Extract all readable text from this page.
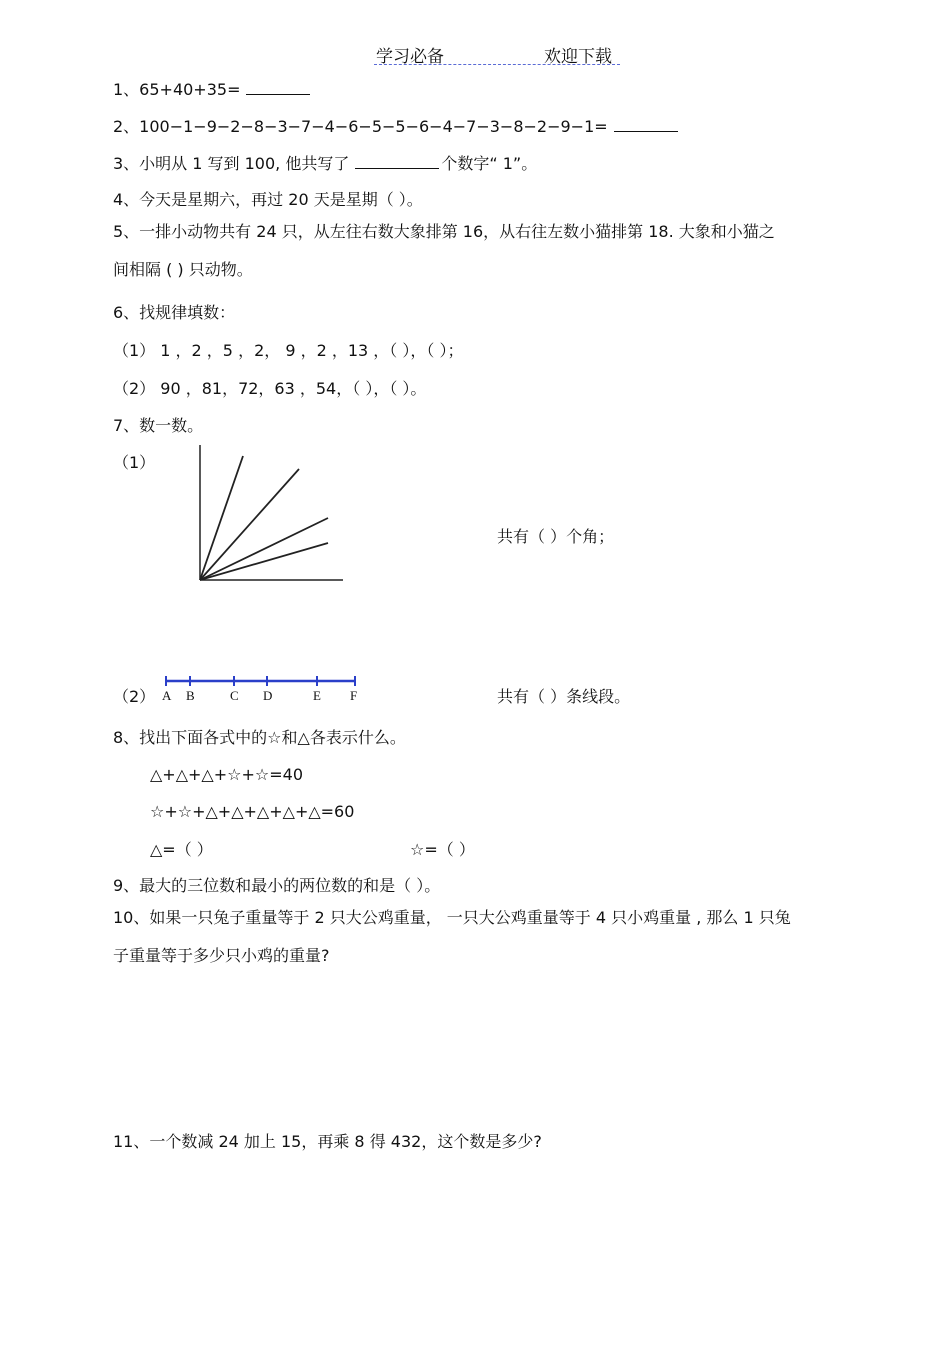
学习必备	欢迎下载
1、65+40+35=
2、100−1−9−2−8−3−7−4−6−5−5−6−4−7−3−8−2−9−1=
3、小明从 1 写到 100, 他共写了	个数字“ 1”。
4、今天是星期六，再过 20 天是星期（ ）。
5、一排小动物共有 24 只，从左往右数大象排第 16，从右往左数小猫排第 18. 大象和小猫之
间相隔 ( ) 只动物。
6、找规律填数：
（1） 1 ，2 ，5 ，2， 9 ，2 ，13 ，（ ），（ ）；
（2） 90 ，81，72，63 ，54，（ ），（ ）。
7、数一数。
（1）
共有（ ）个角；
（2） A B	C D	E F	共有（ ）条线段。
8、找出下面各式中的☆和△各表示什么。
△+△+△+☆+☆=40
☆+☆+△+△+△+△+△=60
△=（ ）	☆=（ ）
9、最大的三位数和最小的两位数的和是（ ）。
10、如果一只兔子重量等于 2 只大公鸡重量， 一只大公鸡重量等于 4 只小鸡重量 , 那么 1 只兔
子重量等于多少只小鸡的重量?
11、一个数减 24 加上 15，再乘 8 得 432，这个数是多少?
